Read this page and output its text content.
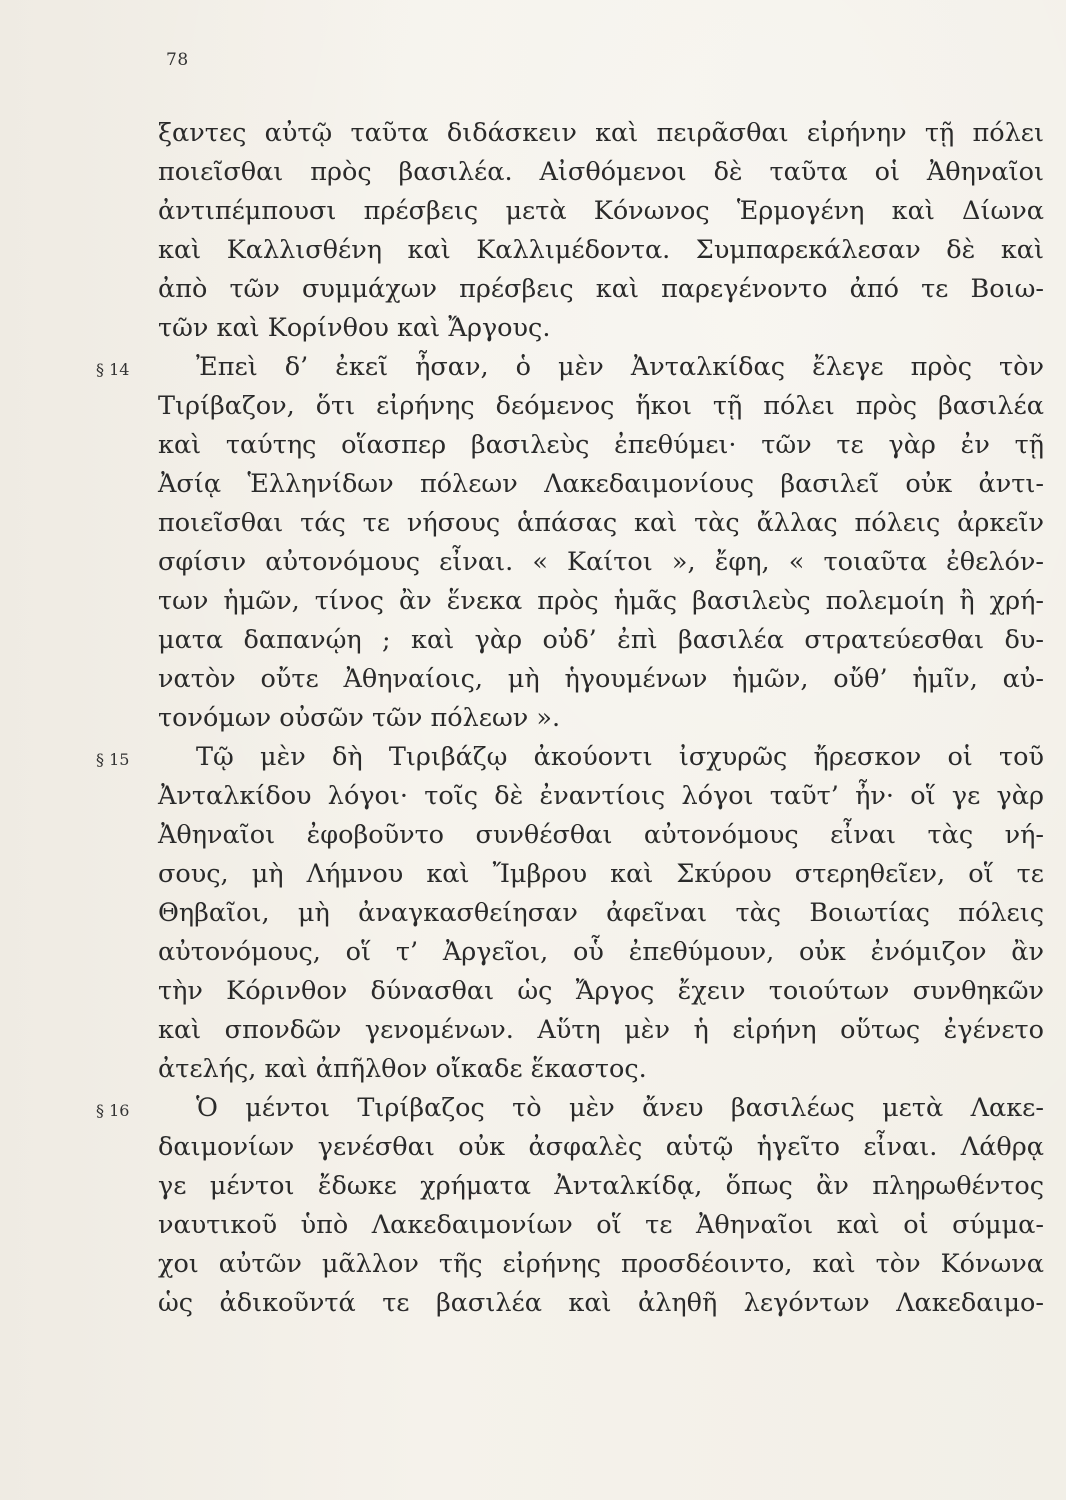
78
ξαντες αὐτῷ ταῦτα διδάσκειν καὶ πειρᾶσθαι εἰρήνην τῇ πόλει
ποιεῖσθαι πρὸς βασιλέα. Αἰσθόμενοι δὲ ταῦτα οἱ Ἀθηναῖοι
ἀντιπέμπουσι πρέσβεις μετὰ Κόνωνος Ἑρμογένη καὶ Δίωνα
καὶ Καλλισθένη καὶ Καλλιμέδοντα. Συμπαρεκάλεσαν δὲ καὶ
ἀπὸ τῶν συμμάχων πρέσβεις καὶ παρεγένοντο ἀπό τε Βοιω-
τῶν καὶ Κορίνθου καὶ Ἄργους.
§ 14	Ἐπεὶ δ’ ἐκεῖ ἦσαν, ὁ μὲν Ἀνταλκίδας ἔλεγε πρὸς τὸν
Τιρίβαζον, ὅτι εἰρήνης δεόμενος ἥκοι τῇ πόλει πρὸς βασιλέα
καὶ ταύτης οἵασπερ βασιλεὺς ἐπεθύμει· τῶν τε γὰρ ἐν τῇ
Ἀσίᾳ Ἑλληνίδων πόλεων Λακεδαιμονίους βασιλεῖ οὐκ ἀντι-
ποιεῖσθαι τάς τε νήσους ἁπάσας καὶ τὰς ἄλλας πόλεις ἀρκεῖν
σφίσιν αὐτονόμους εἶναι. « Καίτοι », ἔφη, « τοιαῦτα ἐθελόν-
των ἡμῶν, τίνος ἂν ἕνεκα πρὸς ἡμᾶς βασιλεὺς πολεμοίη ἢ χρή-
ματα δαπανῴη ; καὶ γὰρ οὐδ’ ἐπὶ βασιλέα στρατεύεσθαι δυ-
νατὸν οὔτε Ἀθηναίοις, μὴ ἡγουμένων ἡμῶν, οὔθ’ ἡμῖν, αὐ-
τονόμων οὐσῶν τῶν πόλεων ».
§ 15	Τῷ μὲν δὴ Τιριβάζῳ ἀκούοντι ἰσχυρῶς ἤρεσκον οἱ τοῦ
Ἀνταλκίδου λόγοι· τοῖς δὲ ἐναντίοις λόγοι ταῦτ’ ἦν· οἵ γε γὰρ
Ἀθηναῖοι ἐφοβοῦντο συνθέσθαι αὐτονόμους εἶναι τὰς νή-
σους, μὴ Λήμνου καὶ Ἴμβρου καὶ Σκύρου στερηθεῖεν, οἵ τε
Θηβαῖοι, μὴ ἀναγκασθείησαν ἀφεῖναι τὰς Βοιωτίας πόλεις
αὐτονόμους, οἵ τ’ Ἀργεῖοι, οὗ ἐπεθύμουν, οὐκ ἐνόμιζον ἂν
τὴν Κόρινθον δύνασθαι ὡς Ἄργος ἔχειν τοιούτων συνθηκῶν
καὶ σπονδῶν γενομένων. Αὕτη μὲν ἡ εἰρήνη οὕτως ἐγένετο
ἀτελής, καὶ ἀπῆλθον οἴκαδε ἕκαστος.
§ 16	Ὁ μέντοι Τιρίβαζος τὸ μὲν ἄνευ βασιλέως μετὰ Λακε-
δαιμονίων γενέσθαι οὐκ ἀσφαλὲς αὑτῷ ἡγεῖτο εἶναι. Λάθρᾳ
γε μέντοι ἔδωκε χρήματα Ἀνταλκίδᾳ, ὅπως ἂν πληρωθέντος
ναυτικοῦ ὑπὸ Λακεδαιμονίων οἵ τε Ἀθηναῖοι καὶ οἱ σύμμα-
χοι αὐτῶν μᾶλλον τῆς εἰρήνης προσδέοιντο, καὶ τὸν Κόνωνα
ὡς ἀδικοῦντά τε βασιλέα καὶ ἀληθῆ λεγόντων Λακεδαιμο-
